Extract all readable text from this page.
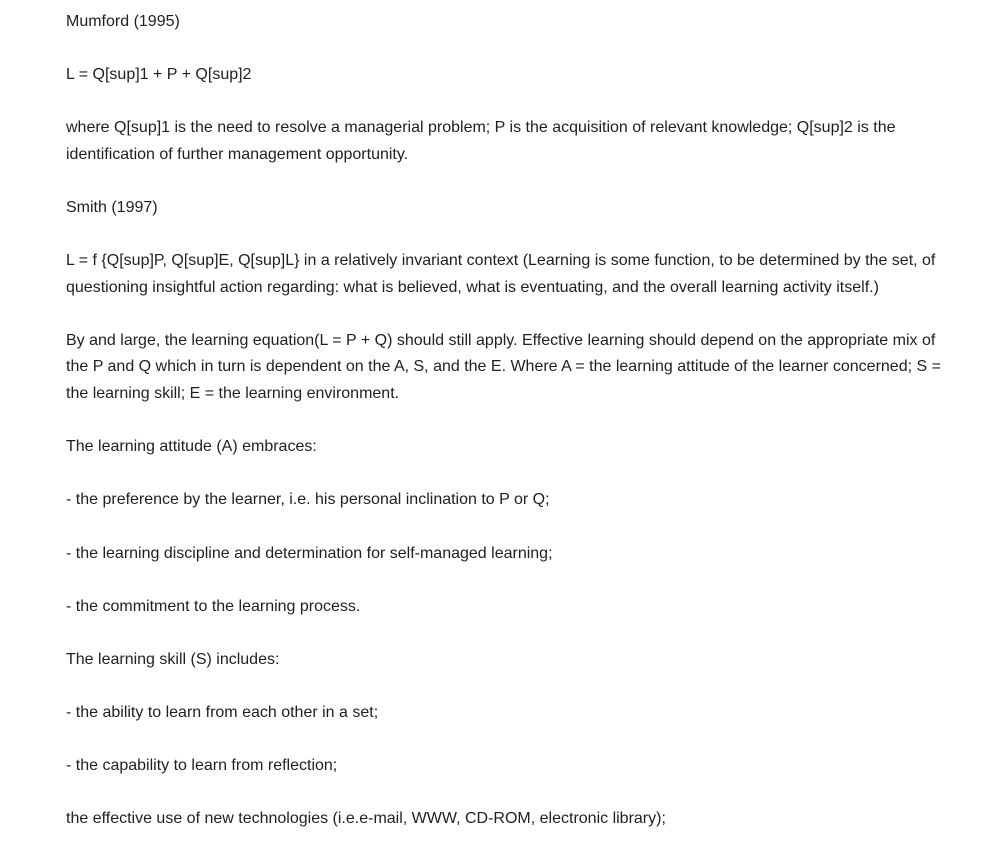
Mumford (1995)

L = Q[sup]1 + P + Q[sup]2

where Q[sup]1 is the need to resolve a managerial problem; P is the acquisition of relevant knowledge; Q[sup]2 is the identification of further management opportunity.

Smith (1997)

L = f {Q[sup]P, Q[sup]E, Q[sup]L} in a relatively invariant context (Learning is some function, to be determined by the set, of questioning insightful action regarding: what is believed, what is eventuating, and the overall learning activity itself.)

By and large, the learning equation(L = P + Q) should still apply. Effective learning should depend on the appropriate mix of the P and Q which in turn is dependent on the A, S, and the E. Where A = the learning attitude of the learner concerned; S = the learning skill; E = the learning environment.

The learning attitude (A) embraces:

- the preference by the learner, i.e. his personal inclination to P or Q;

- the learning discipline and determination for self-managed learning;

- the commitment to the learning process.

The learning skill (S) includes:

- the ability to learn from each other in a set;

- the capability to learn from reflection;

the effective use of new technologies (i.e.e-mail, WWW, CD-ROM, electronic library);
